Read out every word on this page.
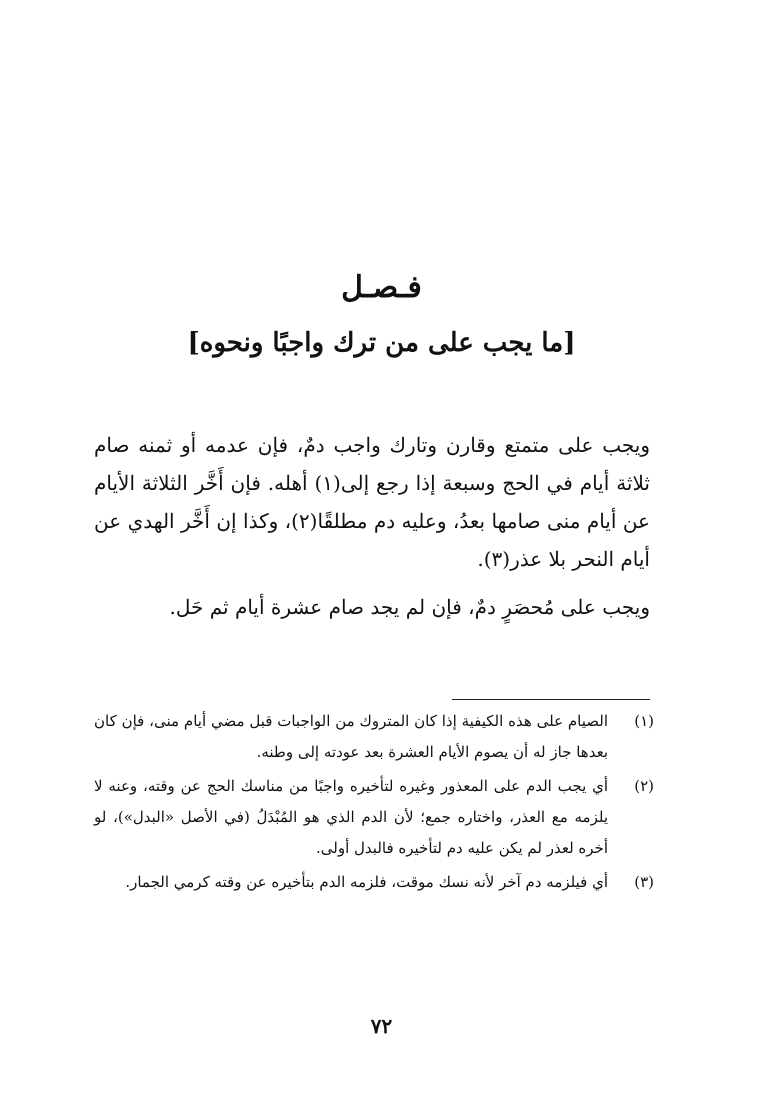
فـصـل
[ما يجب على من ترك واجبًا ونحوه]

ويجب على متمتع وقارن وتارك واجب دمٌ، فإن عدمه أو ثمنه صام ثلاثة أيام في الحج وسبعة إذا رجع إلى(١) أهله. فإن أَخَّر الثلاثة الأيام عن أيام منى صامها بعدُ، وعليه دم مطلقًا(٢)، وكذا إن أَخَّر الهدي عن أيام النحر بلا عذر(٣).

ويجب على مُحصَرٍ دمٌ، فإن لم يجد صام عشرة أيام ثم حَل.

(١)
الصيام على هذه الكيفية إذا كان المتروك من الواجبات قبل مضي أيام منى، فإن كان بعدها جاز له أن يصوم الأيام العشرة بعد عودته إلى وطنه.
(٢)
أي يجب الدم على المعذور وغيره لتأخيره واجبًا من مناسك الحج عن وقته، وعنه لا يلزمه مع العذر، واختاره جمع؛ لأن الدم الذي هو المُبْدَلُ (في الأصل «البدل»)، لو أخره لعذر لم يكن عليه دم لتأخيره فالبدل أولى.
(٣)
أي فيلزمه دم آخر لأنه نسك موقت، فلزمه الدم بتأخيره عن وقته كرمي الجمار.
٧٢
